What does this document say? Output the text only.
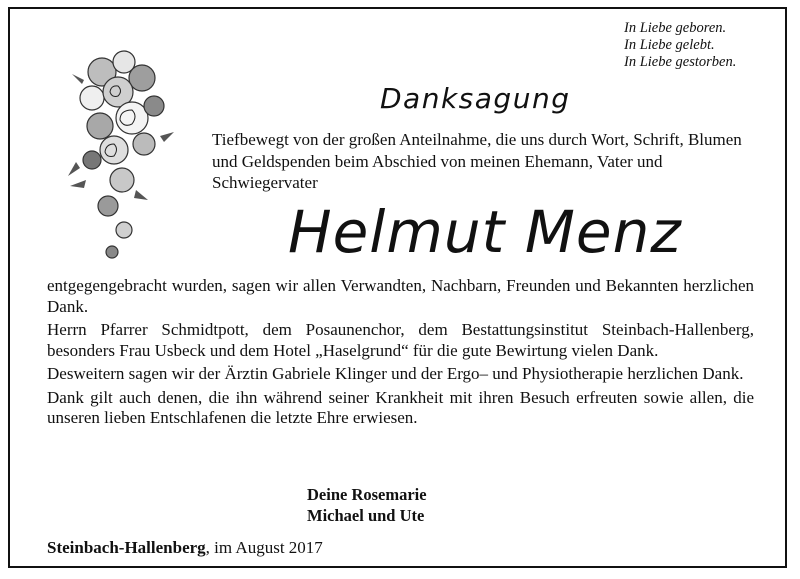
In Liebe geboren.
In Liebe gelebt.
In Liebe gestorben.
Danksagung
Tiefbewegt von der großen Anteilnahme, die uns durch Wort, Schrift, Blumen und Geldspenden beim Abschied von meinen Ehemann, Vater und Schwiegervater
Helmut Menz

entgegengebracht wurden, sagen wir allen Verwandten, Nachbarn, Freunden und Bekannten herzlichen Dank.

Herrn Pfarrer Schmidtpott, dem Posaunenchor, dem Bestattungsinstitut Steinbach-Hallenberg, besonders Frau Usbeck und dem Hotel „Haselgrund“ für die gute Bewirtung vielen Dank.

Desweitern sagen wir der Ärztin Gabriele Klinger und der Ergo– und Physiotherapie herzlichen Dank.

Dank gilt auch denen, die ihn während seiner Krankheit mit ihren Besuch erfreuten sowie allen, die unseren lieben Entschlafenen die letzte Ehre erwiesen.

Deine Rosemarie
Michael und Ute
Steinbach-Hallenberg, im August 2017
